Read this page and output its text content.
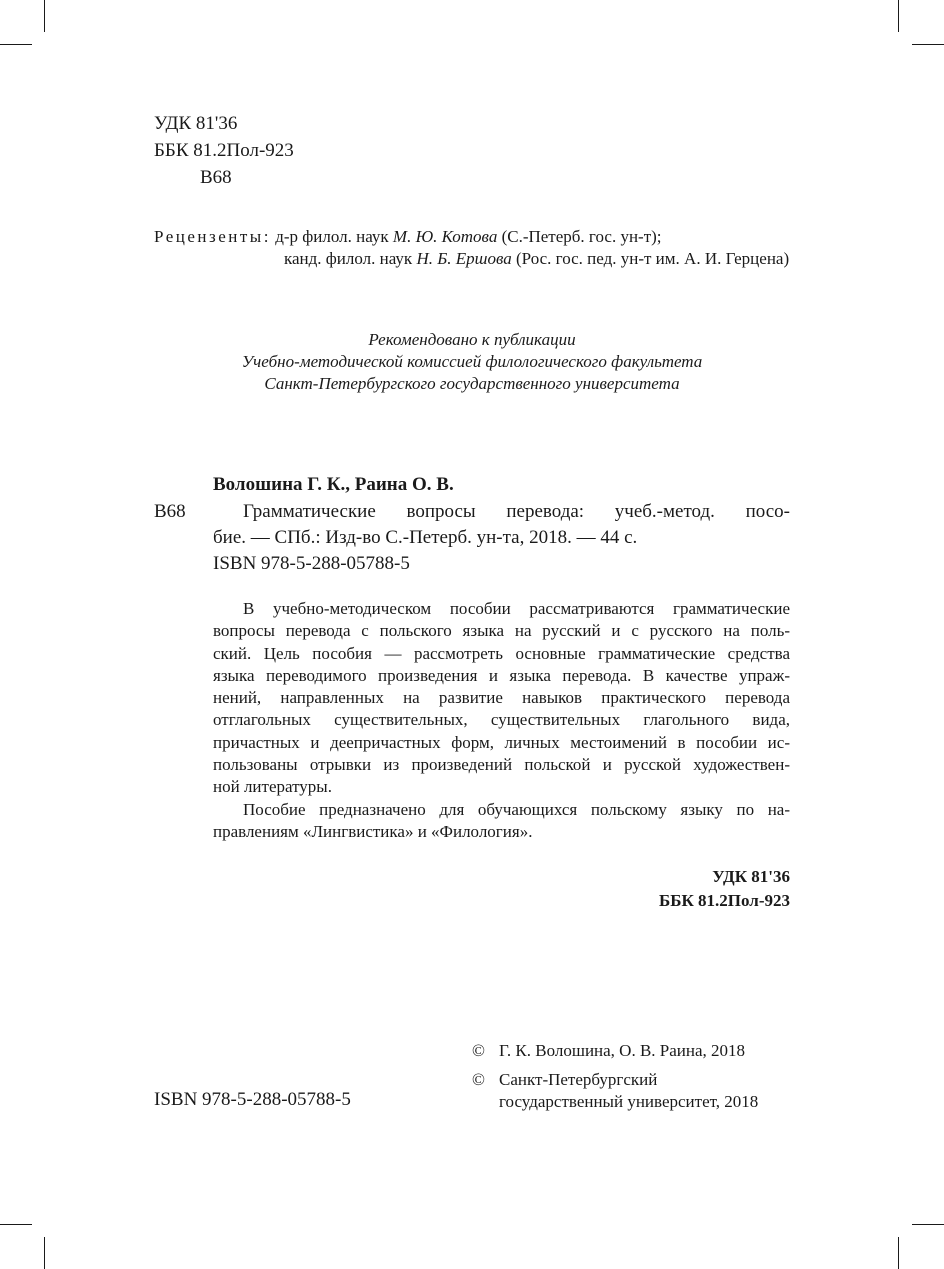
УДК 81'36
ББК 81.2Пол-923
В68
Рецензенты: д-р филол. наук М. Ю. Котова (С.-Петерб. гос. ун-т);
канд. филол. наук Н. Б. Ершова (Рос. гос. пед. ун-т им. А. И. Герцена)
Рекомендовано к публикации
Учебно-методической комиссией филологического факультета
Санкт-Петербургского государственного университета
Волошина Г. К., Раина О. В.
В68	Грамматические вопросы перевода: учеб.-метод. посо-
бие. — СПб.: Изд-во С.-Петерб. ун-та, 2018. — 44 с.
ISBN 978-5-288-05788-5
В учебно-методическом пособии рассматриваются грамматические
вопросы перевода с польского языка на русский и с русского на поль-
ский. Цель пособия — рассмотреть основные грамматические средства
языка переводимого произведения и языка перевода. В качестве упраж-
нений, направленных на развитие навыков практического перевода
отглагольных существительных, существительных глагольного вида,
причастных и деепричастных форм, личных местоимений в пособии ис-
пользованы отрывки из произведений польской и русской художествен-
ной литературы.
Пособие предназначено для обучающихся польскому языку по на-
правлениям «Лингвистика» и «Филология».
УДК 81'36
ББК 81.2Пол-923
© Г. К. Волошина, О. В. Раина, 2018
© Санкт-Петербургский
государственный университет, 2018
ISBN 978-5-288-05788-5
